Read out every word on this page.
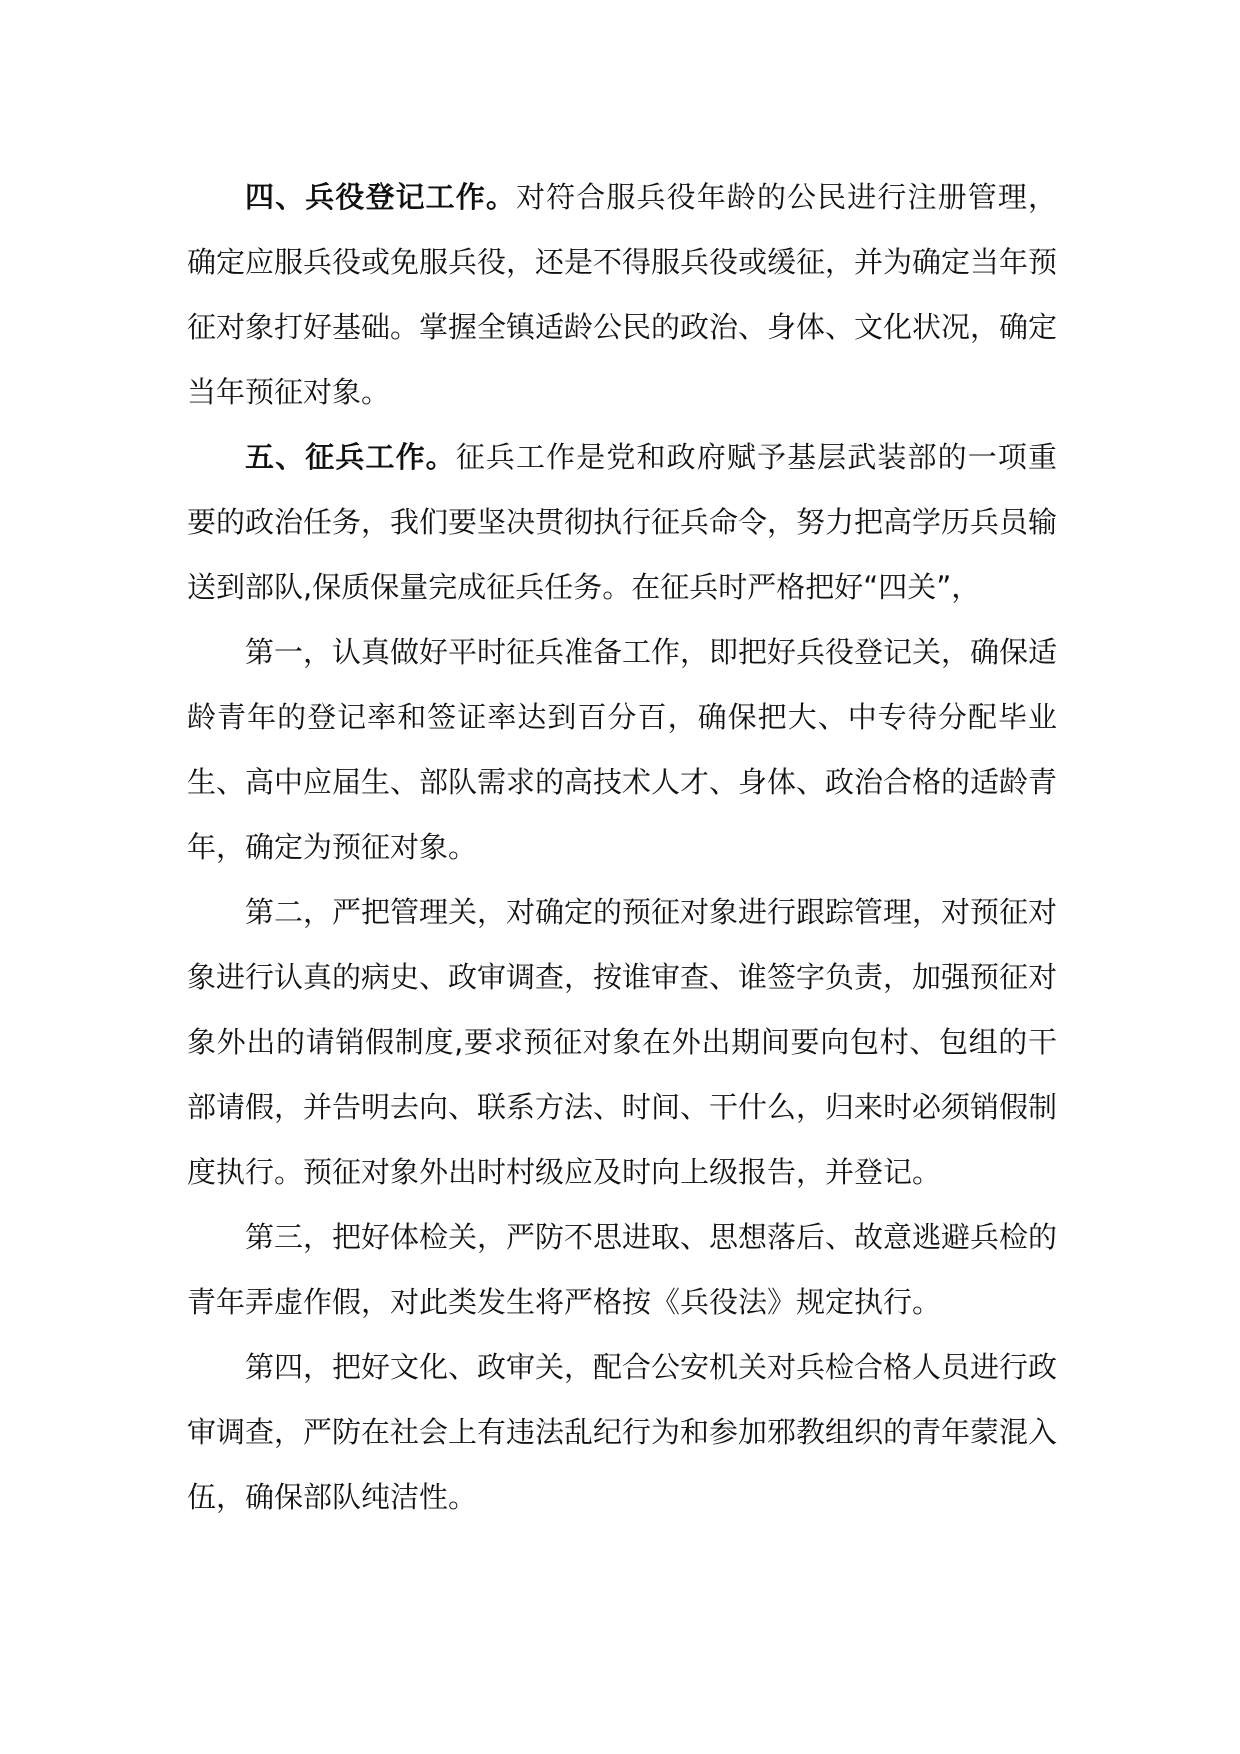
四、兵役登记工作。对符合服兵役年龄的公民进行注册管理，确定应服兵役或免服兵役，还是不得服兵役或缓征，并为确定当年预征对象打好基础。掌握全镇适龄公民的政治、身体、文化状况，确定当年预征对象。

五、征兵工作。征兵工作是党和政府赋予基层武装部的一项重要的政治任务，我们要坚决贯彻执行征兵命令，努力把高学历兵员输送到部队,保质保量完成征兵任务。在征兵时严格把好“四关”，

第一，认真做好平时征兵准备工作，即把好兵役登记关，确保适龄青年的登记率和签证率达到百分百，确保把大、中专待分配毕业生、高中应届生、部队需求的高技术人才、身体、政治合格的适龄青年，确定为预征对象。

第二，严把管理关，对确定的预征对象进行跟踪管理，对预征对象进行认真的病史、政审调查，按谁审查、谁签字负责，加强预征对象外出的请销假制度,要求预征对象在外出期间要向包村、包组的干部请假，并告明去向、联系方法、时间、干什么，归来时必须销假制度执行。预征对象外出时村级应及时向上级报告，并登记。

第三，把好体检关，严防不思进取、思想落后、故意逃避兵检的青年弄虚作假，对此类发生将严格按《兵役法》规定执行。

第四，把好文化、政审关，配合公安机关对兵检合格人员进行政审调查，严防在社会上有违法乱纪行为和参加邪教组织的青年蒙混入伍，确保部队纯洁性。
